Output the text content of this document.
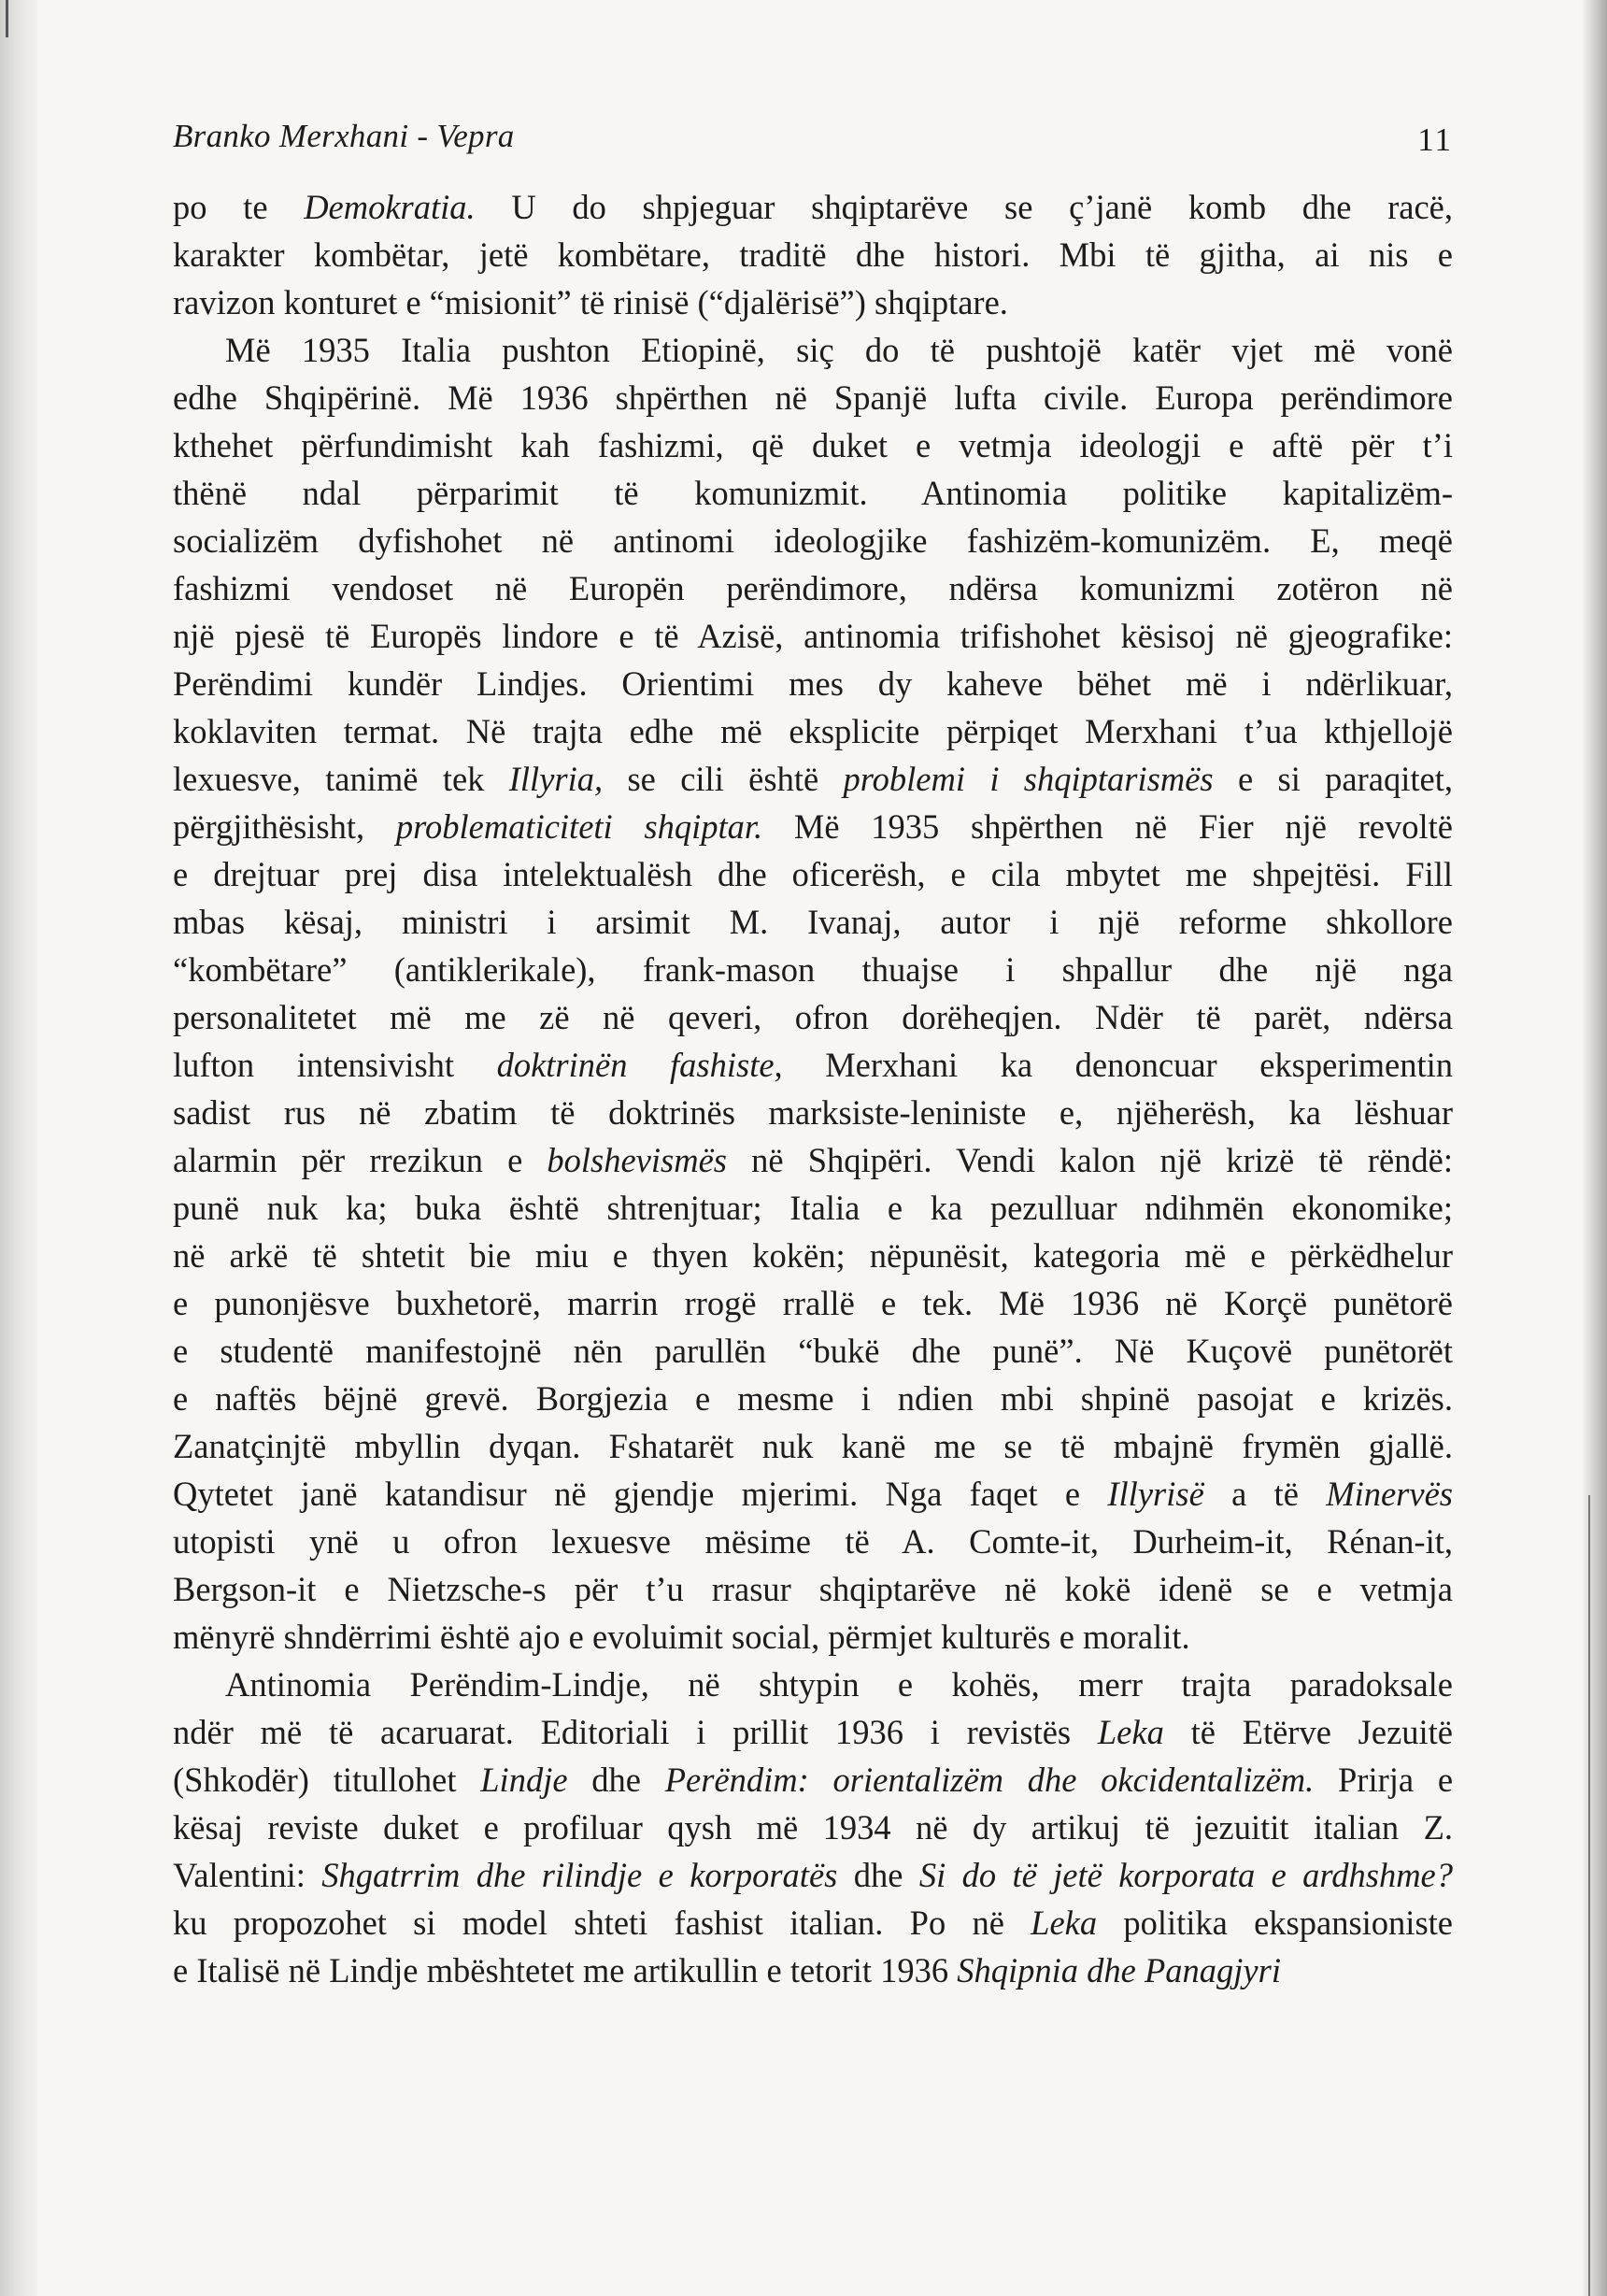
Branko Merxhani - Vepra	11
po te Demokratia. U do shpjeguar shqiptarëve se ç’janë komb dhe racë,
karakter kombëtar, jetë kombëtare, traditë dhe histori. Mbi të gjitha, ai nis e
ravizon konturet e “misionit” të rinisë (“djalërisë”) shqiptare.
Më 1935 Italia pushton Etiopinë, siç do të pushtojë katër vjet më vonë
edhe Shqipërinë. Më 1936 shpërthen në Spanjë lufta civile. Europa perëndimore
kthehet përfundimisht kah fashizmi, që duket e vetmja ideologji e aftë për t’i
thënë ndal përparimit të komunizmit. Antinomia politike kapitalizëm-
socializëm dyfishohet në antinomi ideologjike fashizëm-komunizëm. E, meqë
fashizmi vendoset në Europën perëndimore, ndërsa komunizmi zotëron në
një pjesë të Europës lindore e të Azisë, antinomia trifishohet kësisoj në gjeografike:
Perëndimi kundër Lindjes. Orientimi mes dy kaheve bëhet më i ndërlikuar,
koklaviten termat. Në trajta edhe më eksplicite përpiqet Merxhani t’ua kthjellojë
lexuesve, tanimë tek Illyria, se cili është problemi i shqiptarismës e si paraqitet,
përgjithësisht, problematiciteti shqiptar. Më 1935 shpërthen në Fier një revoltë
e drejtuar prej disa intelektualësh dhe oficerësh, e cila mbytet me shpejtësi. Fill
mbas kësaj, ministri i arsimit M. Ivanaj, autor i një reforme shkollore
“kombëtare” (antiklerikale), frank-mason thuajse i shpallur dhe një nga
personalitetet më me zë në qeveri, ofron dorëheqjen. Ndër të parët, ndërsa
lufton intensivisht doktrinën fashiste, Merxhani ka denoncuar eksperimentin
sadist rus në zbatim të doktrinës marksiste-leniniste e, njëherësh, ka lëshuar
alarmin për rrezikun e bolshevismës në Shqipëri. Vendi kalon një krizë të rëndë:
punë nuk ka; buka është shtrenjtuar; Italia e ka pezulluar ndihmën ekonomike;
në arkë të shtetit bie miu e thyen kokën; nëpunësit, kategoria më e përkëdhelur
e punonjësve buxhetorë, marrin rrogë rrallë e tek. Më 1936 në Korçë punëtorë
e studentë manifestojnë nën parullën “bukë dhe punë”. Në Kuçovë punëtorët
e naftës bëjnë grevë. Borgjezia e mesme i ndien mbi shpinë pasojat e krizës.
Zanatçinjtë mbyllin dyqan. Fshatarët nuk kanë me se të mbajnë frymën gjallë.
Qytetet janë katandisur në gjendje mjerimi. Nga faqet e Illyrisë a të Minervës
utopisti ynë u ofron lexuesve mësime të A. Comte-it, Durheim-it, Rénan-it,
Bergson-it e Nietzsche-s për t’u rrasur shqiptarëve në kokë idenë se e vetmja
mënyrë shndërrimi është ajo e evoluimit social, përmjet kulturës e moralit.
Antinomia Perëndim-Lindje, në shtypin e kohës, merr trajta paradoksale
ndër më të acaruarat. Editoriali i prillit 1936 i revistës Leka të Etërve Jezuitë
(Shkodër) titullohet Lindje dhe Perëndim: orientalizëm dhe okcidentalizëm. Prirja e
kësaj reviste duket e profiluar qysh më 1934 në dy artikuj të jezuitit italian Z.
Valentini: Shgatrrim dhe rilindje e korporatës dhe Si do të jetë korporata e ardhshme?
ku propozohet si model shteti fashist italian. Po në Leka politika ekspansioniste
e Italisë në Lindje mbështetet me artikullin e tetorit 1936 Shqipnia dhe Panagjyri
